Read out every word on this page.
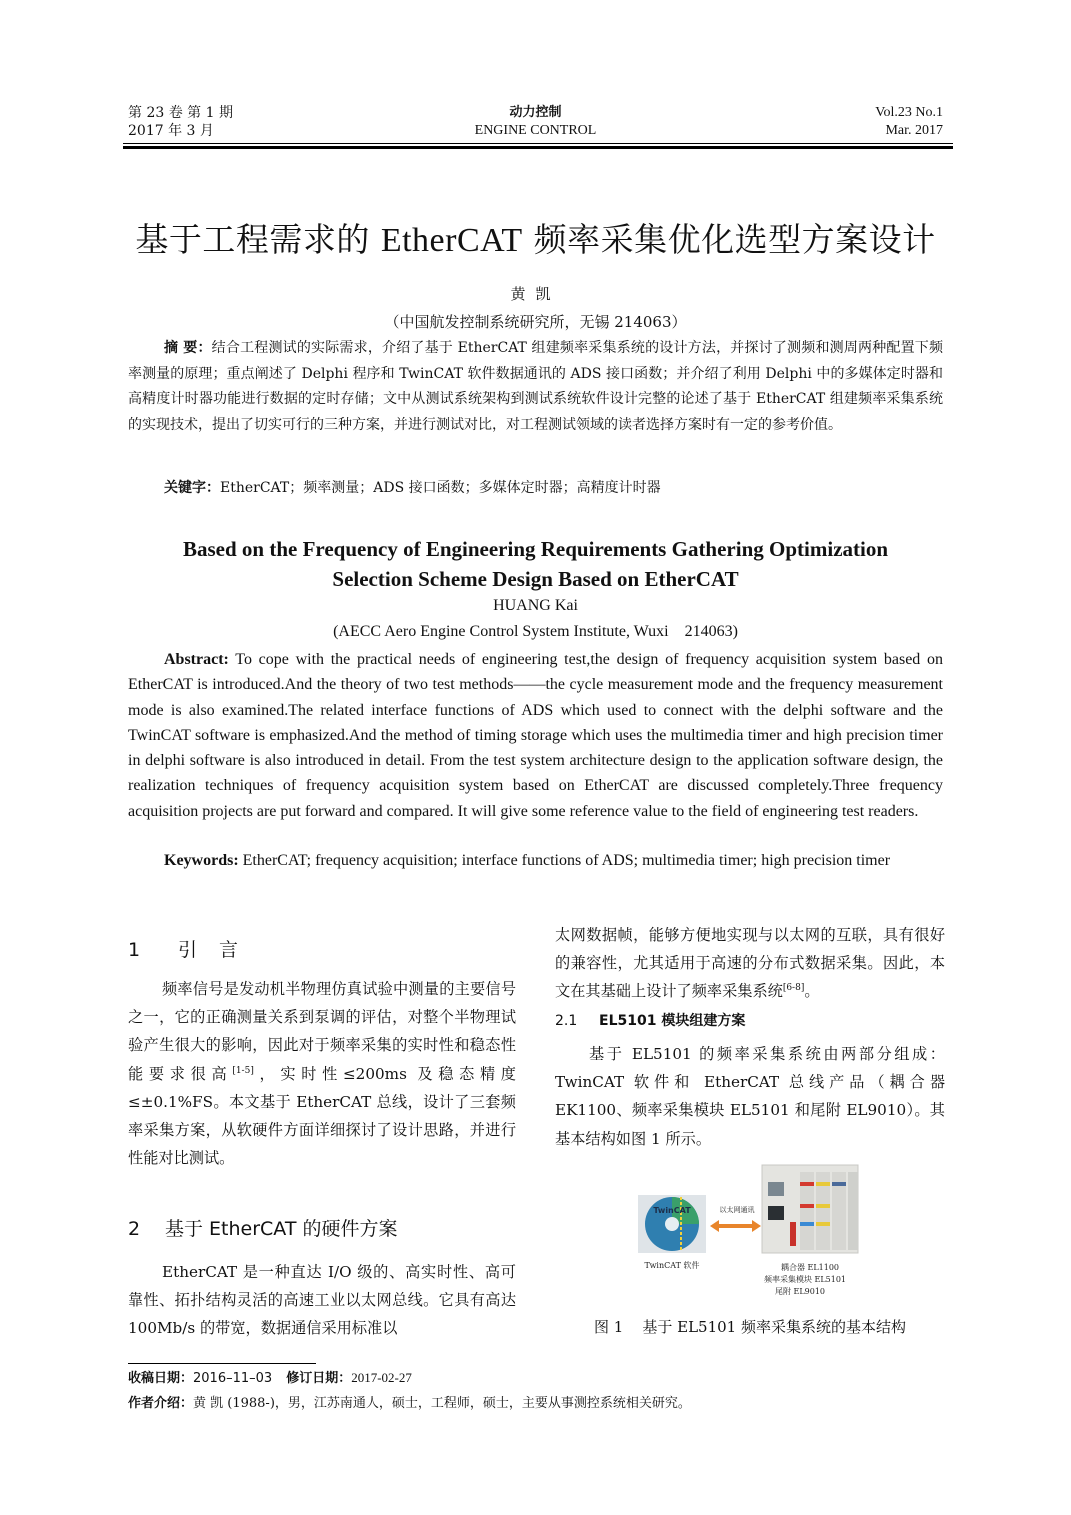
第 23 卷 第 1 期
2017 年 3 月
动力控制
ENGINE CONTROL
Vol.23 No.1
Mar. 2017
基于工程需求的 EtherCAT 频率采集优化选型方案设计
黄凯
（中国航发控制系统研究所，无锡 214063）
摘 要：结合工程测试的实际需求，介绍了基于 EtherCAT 组建频率采集系统的设计方法，并探讨了测频和测周两种配置下频率测量的原理；重点阐述了 Delphi 程序和 TwinCAT 软件数据通讯的 ADS 接口函数；并介绍了利用 Delphi 中的多媒体定时器和高精度计时器功能进行数据的定时存储；文中从测试系统架构到测试系统软件设计完整的论述了基于 EtherCAT 组建频率采集系统的实现技术，提出了切实可行的三种方案，并进行测试对比，对工程测试领域的读者选择方案时有一定的参考价值。
关键字：EtherCAT；频率测量；ADS 接口函数；多媒体定时器；高精度计时器
Based on the Frequency of Engineering Requirements Gathering Optimization
Selection Scheme Design Based on EtherCAT
HUANG Kai
(AECC Aero Engine Control System Institute, Wuxi    214063)
Abstract: To cope with the practical needs of engineering test,the design of frequency acquisition system based on EtherCAT is introduced.And the theory of two test methods——the cycle measurement mode and the frequency measurement mode is also examined.The related interface functions of ADS which used to connect with the delphi software and the TwinCAT software is emphasized.And the method of timing storage which uses the multimedia timer and high precision timer in delphi software is also introduced in detail. From the test system architecture design to the application software design, the realization techniques of frequency acquisition system based on EtherCAT are discussed completely.Three frequency acquisition projects are put forward and compared. It will give some reference value to the field of engineering test readers.
Keywords: EtherCAT; frequency acquisition; interface functions of ADS; multimedia timer; high precision timer
1 引言
频率信号是发动机半物理仿真试验中测量的主要信号之一，它的正确测量关系到泵调的评估，对整个半物理试验产生很大的影响，因此对于频率采集的实时性和稳态性能要求很高[1-5]，实时性≤200ms 及稳态精度≤±0.1%FS。本文基于 EtherCAT 总线，设计了三套频率采集方案，从软硬件方面详细探讨了设计思路，并进行性能对比测试。
2 基于 EtherCAT 的硬件方案
EtherCAT 是一种直达 I/O 级的、高实时性、高可靠性、拓扑结构灵活的高速工业以太网总线。它具有高达 100Mb/s 的带宽，数据通信采用标准以
太网数据帧，能够方便地实现与以太网的互联，具有很好的兼容性，尤其适用于高速的分布式数据采集。因此，本文在其基础上设计了频率采集系统[6-8]。
2.1 EL5101 模块组建方案
基于 EL5101 的频率采集系统由两部分组成：TwinCAT 软件和 EtherCAT 总线产品（耦合器 EK1100、频率采集模块 EL5101 和尾附 EL9010）。其基本结构如图 1 所示。
TwinCAT	以太网通讯
TwinCAT 软件	耦合器 EL1100
频率采集模块 EL5101
尾附 EL9010
图 1    基于 EL5101 频率采集系统的基本结构
收稿日期：2016–11–03 修订日期：2017-02-27
作者介绍：黄 凯 (1988-)，男，江苏南通人，硕士，工程师，硕士，主要从事测控系统相关研究。
